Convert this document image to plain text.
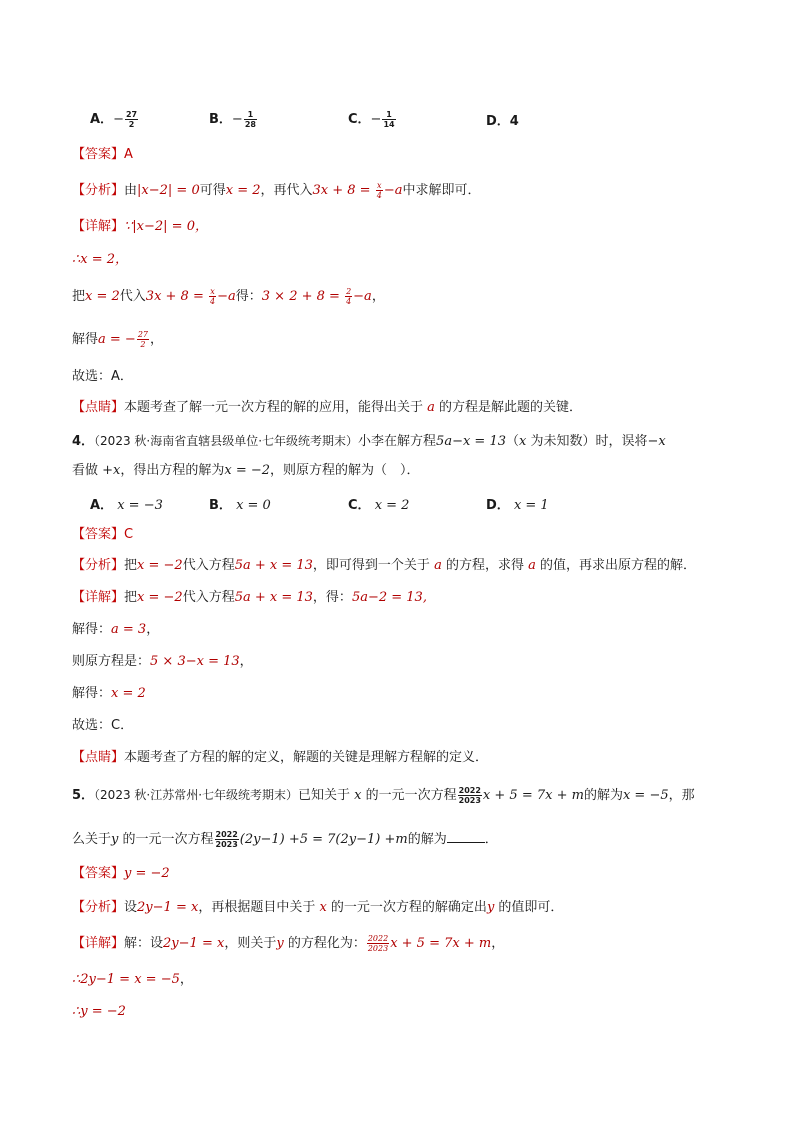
A．− $\frac{27}{2}$	B．− $\frac{1}{28}$	C．− $\frac{1}{14}$	D．4
【答案】A
【分析】由|x−2| = 0可得x = 2，再代入$3x + 8 = \frac{x}{4} -a$中求解即可．
【详解】∵|x−2| = 0，
∴x = 2，
把x = 2代入$3x + 8 = \frac{x}{4} -a$得：$3 \times 2 + 8 = \frac{2}{4} -a$，
解得a = − $\frac{27}{2}$ ，
故选：A．
【点睛】本题考查了解一元一次方程的解的应用，能得出关于 a 的方程是解此题的关键．
4．（2023 秋·海南省直辖县级单位·七年级统考期末）小李在解方程5a−x = 13（x 为未知数）时，误将−x
看做 +x，得出方程的解为x = −2，则原方程的解为（　）．
A． x = −3	B． x = 0	C． x = 2	D． x = 1
【答案】C
【分析】把x = −2代入方程5a + x = 13，即可得到一个关于 a 的方程，求得 a 的值，再求出原方程的解．
【详解】把x = −2代入方程5a + x = 13，得：5a−2 = 13,
解得：a = 3，
则原方程是：5 × 3−x = 13，
解得：x = 2
故选：C．
【点睛】本题考查了方程的解的定义，解题的关键是理解方程解的定义．
5．（2023 秋·江苏常州·七年级统考期末）已知关于 x 的一元一次方程 $\frac{2022}{2023}$ x + 5 = 7x + m的解为x = −5，那
么关于y 的一元一次方程 $\frac{2022}{2023} (2y-1) +5 = 7(2y-1) +m$的解为	．
【答案】y = −2
【分析】设2y−1 = x，再根据题目中关于 x 的一元一次方程的解确定出y 的值即可．
【详解】解：设2y−1 = x，则关于y 的方程化为： $\frac{2022}{2023}$ x + 5 = 7x + m，
∴2y−1 = x = −5，
∴y = −2
